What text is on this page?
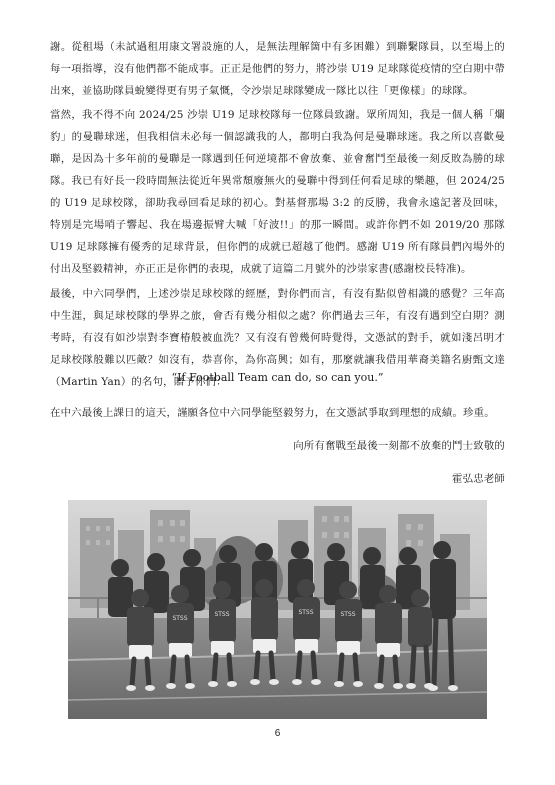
謝。從租場（未試過租用康文署設施的人，是無法理解箇中有多困難）到聯繫隊員，以至場上的每一項指導，沒有他們都不能成事。正正是他們的努力，將沙崇 U19 足球隊從疫情的空白期中帶出來，並協助隊員蛻變得更有男子氣慨，令沙崇足球隊變成一隊比以往「更像樣」的球隊。

當然，我不得不向 2024/25 沙崇 U19 足球校隊每一位隊員致謝。眾所周知，我是一個人稱「爛豹」的曼聯球迷，但我相信未必每一個認識我的人，都明白我為何是曼聯球迷。我之所以喜歡曼聯，是因為十多年前的曼聯是一隊遇到任何逆境都不會放棄、並會奮鬥至最後一刻反敗為勝的球隊。我已有好長一段時間無法從近年異常頹廢無火的曼聯中得到任何看足球的樂趣，但 2024/25 的 U19 足球校隊，卻助我尋回看足球的初心。對基督那場 3:2 的反勝，我會永遠記著及回味，特別是完場哨子響起、我在場邊振臂大喊「好波!!」的那一瞬間。或許你們不如 2019/20 那隊 U19 足球隊擁有優秀的足球背景，但你們的成就已超越了他們。感謝 U19 所有隊員們內場外的付出及堅毅精神，亦正正是你們的表現，成就了這篇二月號外的沙崇家書(感謝校長特准)。

最後，中六同學們，上述沙崇足球校隊的經歷，對你們而言，有沒有點似曾相識的感覺？三年高中生涯，與足球校隊的學界之旅，會否有幾分相似之處？你們過去三年，有沒有遇到空白期？測考時，有沒有如沙崇對李寶椿般被血洗？又有沒有曾幾何時覺得，文憑試的對手，就如淺呂明才足球校隊般難以匹敵？如沒有，恭喜你，為你高興；如有，那麼就讓我借用華裔美籍名廚甄文達（Martin Yan）的名句，贈予你們：

“If Football Team can do, so can you.”

在中六最後上課日的這天，謹願各位中六同學能堅毅努力，在文憑試爭取到理想的成績。珍重。

向所有奮戰至最後一刻都不放棄的鬥士致敬的

霍弘忠老師

STSS	STSS	STSS
STSS
6
